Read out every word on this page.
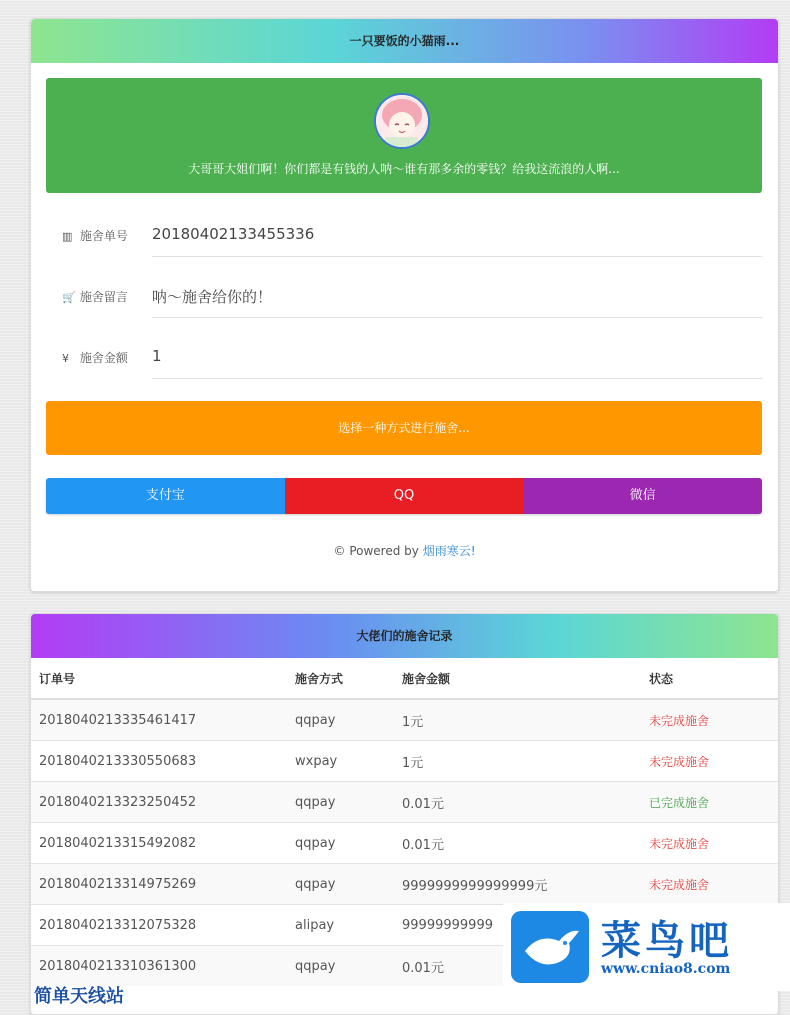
一只要饭的小猫雨...
大哥哥大姐们啊！你们都是有钱的人呐～谁有那多余的零钱？给我这流浪的人啊...
▥ 施舍单号 20180402133455336
🛒 施舍留言 呐～施舍给你的！
¥ 施舍金额 1
选择一种方式进行施舍...
支付宝	QQ	微信
© Powered by 烟雨寒云!
大佬们的施舍记录
订单号	施舍方式	施舍金额	状态
2018040213335461417	qqpay	1元	未完成施舍
2018040213330550683	wxpay	1元	未完成施舍
2018040213323250452	qqpay	0.01元	已完成施舍
2018040213315492082	qqpay	0.01元	未完成施舍
2018040213314975269	qqpay	9999999999999999元	未完成施舍
2018040213312075328	alipay	99999999999	
2018040213310361300	qqpay	0.01元	
简单天线站
菜鸟吧
www.cniao8.com
